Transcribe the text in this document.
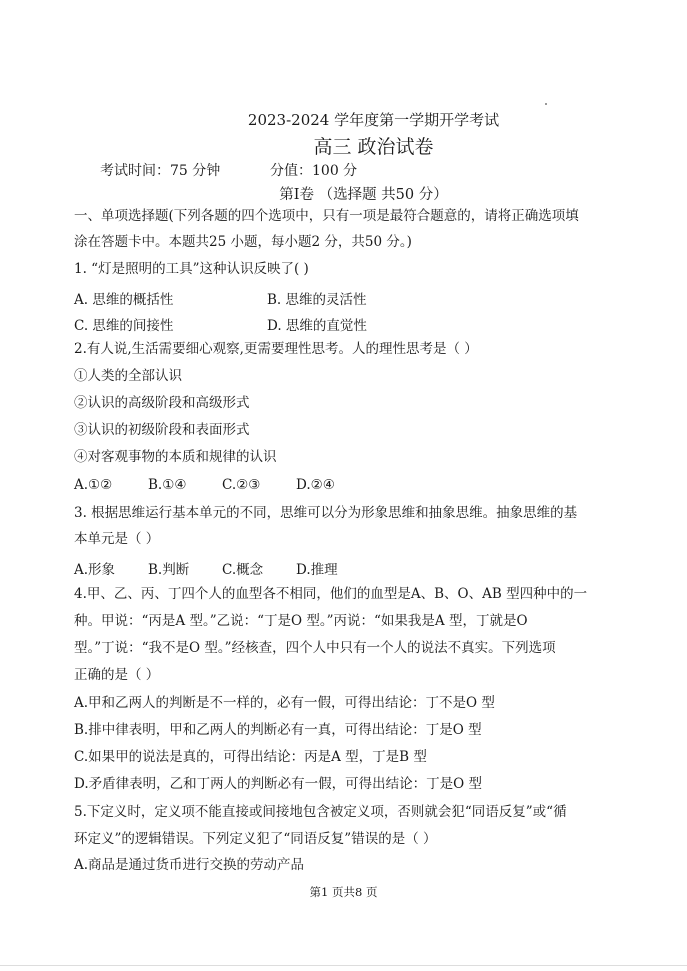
2023-2024 学年度第一学期开学考试
高三 政治试卷
考试时间：75 分钟	分值：100 分
第Ⅰ卷 （选择题 共50 分）
一、单项选择题(下列各题的四个选项中，只有一项是最符合题意的，请将正确选项填
涂在答题卡中。本题共25 小题，每小题2 分，共50 分。)
1. “灯是照明的工具”这种认识反映了( )
A. 思维的概括性	B. 思维的灵活性
C. 思维的间接性	D. 思维的直觉性
2.有人说,生活需要细心观察,更需要理性思考。人的理性思考是（ ）
①人类的全部认识
②认识的高级阶段和高级形式
③认识的初级阶段和表面形式
④对客观事物的本质和规律的认识
A.①②	B.①④	C.②③	D.②④
3. 根据思维运行基本单元的不同，思维可以分为形象思维和抽象思维。抽象思维的基
本单元是（ ）
A.形象 B.判断 C.概念 D.推理
4.甲、乙、丙、丁四个人的血型各不相同，他们的血型是A、B、O、AB 型四种中的一
种。甲说：“丙是A 型。”乙说：“丁是O 型。”丙说：“如果我是A 型，丁就是O
型。”丁说：“我不是O 型。”经核查，四个人中只有一个人的说法不真实。下列选项
正确的是（ ）
A.甲和乙两人的判断是不一样的，必有一假，可得出结论：丁不是O 型
B.排中律表明，甲和乙两人的判断必有一真，可得出结论：丁是O 型
C.如果甲的说法是真的，可得出结论：丙是A 型，丁是B 型
D.矛盾律表明，乙和丁两人的判断必有一假，可得出结论：丁是O 型
5.下定义时，定义项不能直接或间接地包含被定义项，否则就会犯“同语反复”或“循
环定义”的逻辑错误。下列定义犯了“同语反复”错误的是（ ）
A.商品是通过货币进行交换的劳动产品
第1 页共8 页
